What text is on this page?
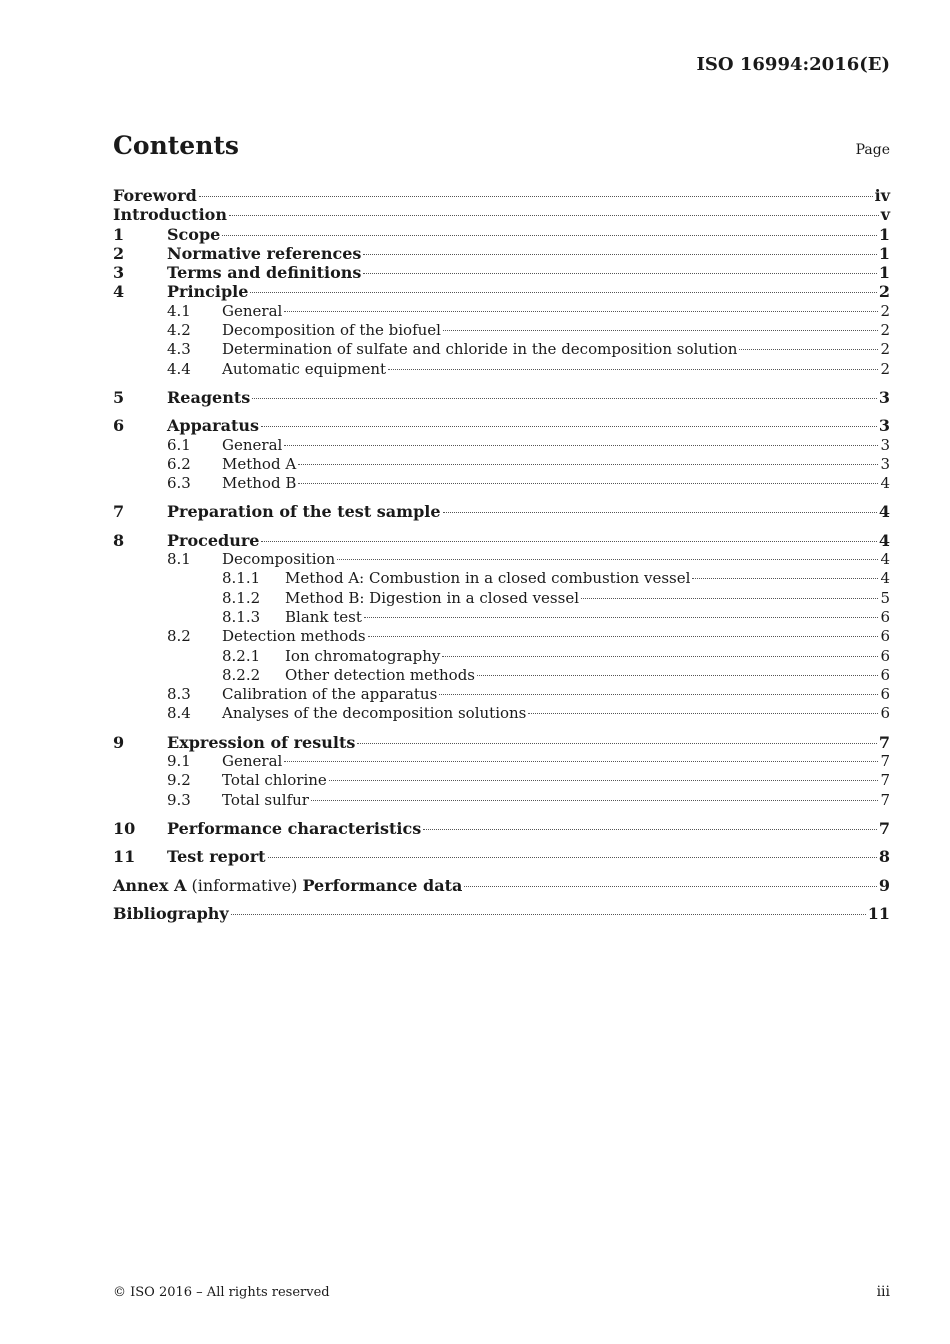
ISO 16994:2016(E)
Contents	Page
Foreword	iv
Introduction	v
1	Scope	1
2	Normative references	1
3	Terms and definitions	1
4	Principle	2
4.1	General	2
4.2	Decomposition of the biofuel	2
4.3	Determination of sulfate and chloride in the decomposition solution	2
4.4	Automatic equipment	2
5	Reagents	3
6	Apparatus	3
6.1	General	3
6.2	Method A	3
6.3	Method B	4
7	Preparation of the test sample	4
8	Procedure	4
8.1	Decomposition	4
8.1.1	Method A: Combustion in a closed combustion vessel	4
8.1.2	Method B: Digestion in a closed vessel	5
8.1.3	Blank test	6
8.2	Detection methods	6
8.2.1	Ion chromatography	6
8.2.2	Other detection methods	6
8.3	Calibration of the apparatus	6
8.4	Analyses of the decomposition solutions	6
9	Expression of results	7
9.1	General	7
9.2	Total chlorine	7
9.3	Total sulfur	7
10	Performance characteristics	7
11	Test report	8
Annex A (informative) Performance data	9
Bibliography	11
© ISO 2016 – All rights reserved	iii
